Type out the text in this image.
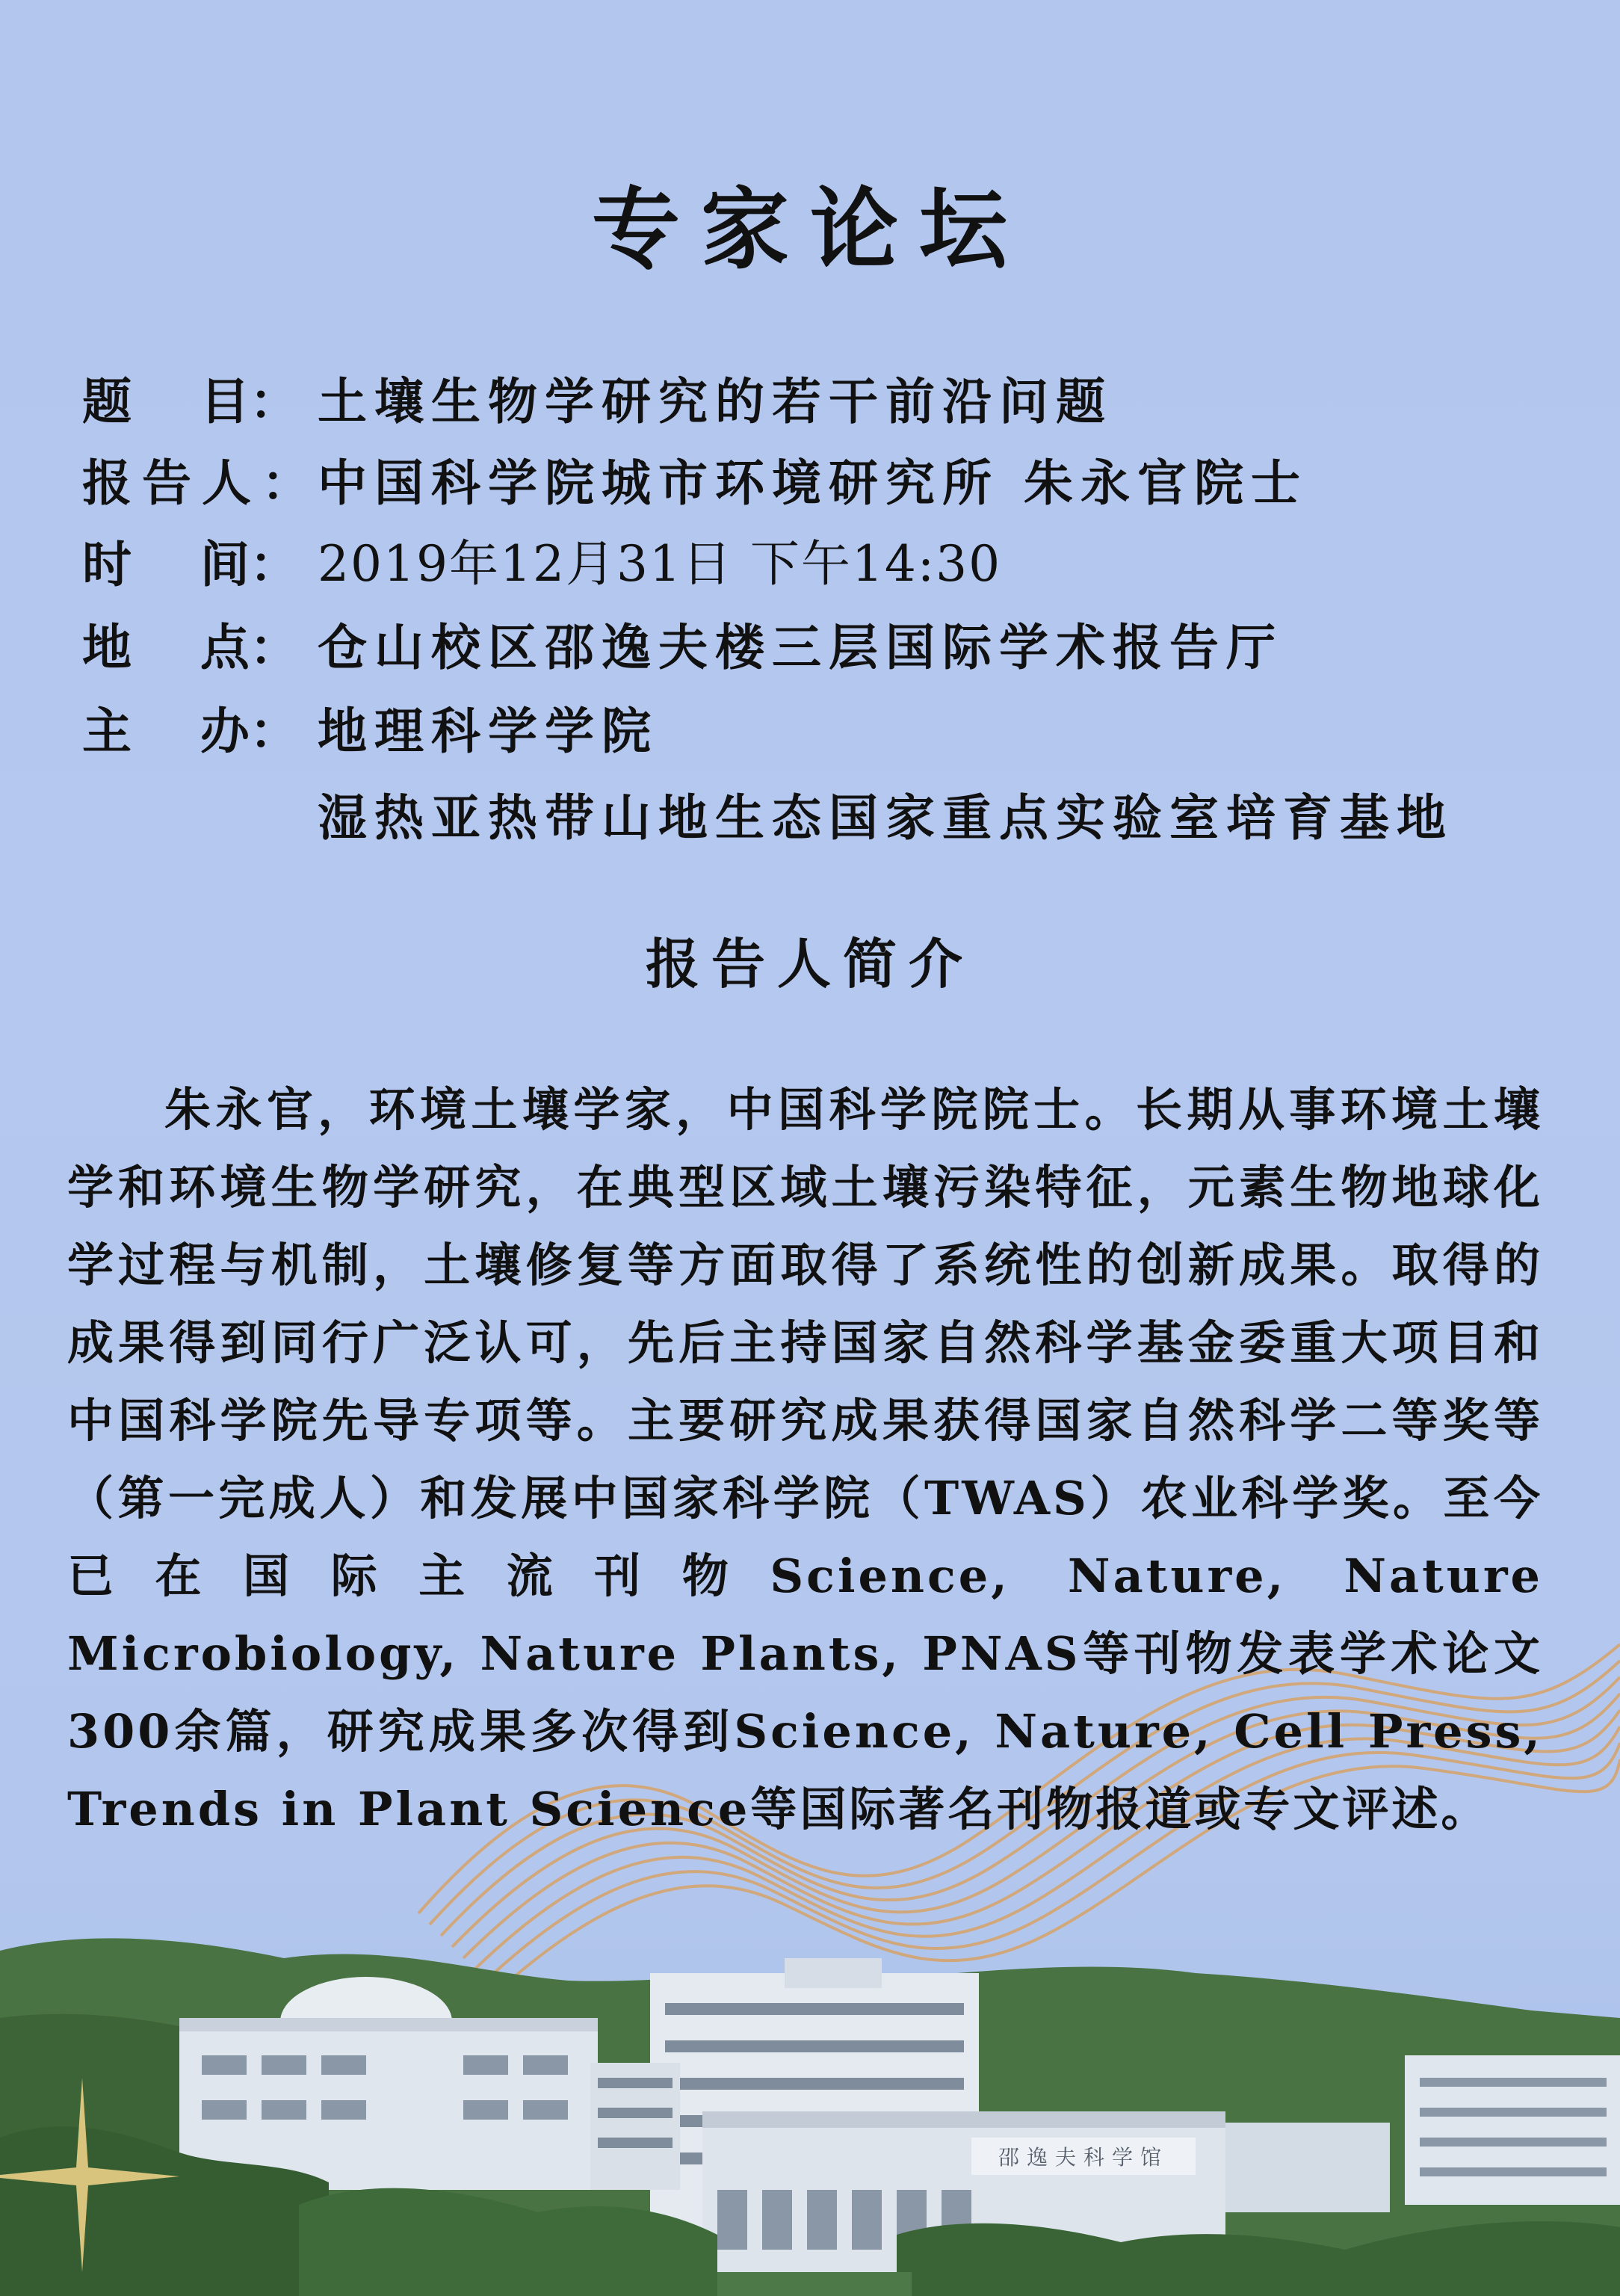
邵逸夫科学馆
专家论坛
题    目： 土壤生物学研究的若干前沿问题
报告人：
中国科学院城市环境研究所 朱永官院士
时    间： 2019年12月31日 下午14:30
地    点： 仓山校区邵逸夫楼三层国际学术报告厅
主    办： 地理科学学院
湿热亚热带山地生态国家重点实验室培育基地
报告人简介
朱永官，环境土壤学家，中国科学院院士。长期从事环境土壤学和环境生物学研究，在典型区域土壤污染特征，元素生物地球化学过程与机制，土壤修复等方面取得了系统性的创新成果。取得的成果得到同行广泛认可，先后主持国家自然科学基金委重大项目和中国科学院先导专项等。主要研究成果获得国家自然科学二等奖等（第一完成人）和发展中国家科学院（TWAS）农业科学奖。至今已在国际主流刊物Science, Nature, Nature Microbiology, Nature Plants, PNAS等刊物发表学术论文300余篇，研究成果多次得到Science, Nature, Cell Press, Trends in Plant Science等国际著名刊物报道或专文评述。
